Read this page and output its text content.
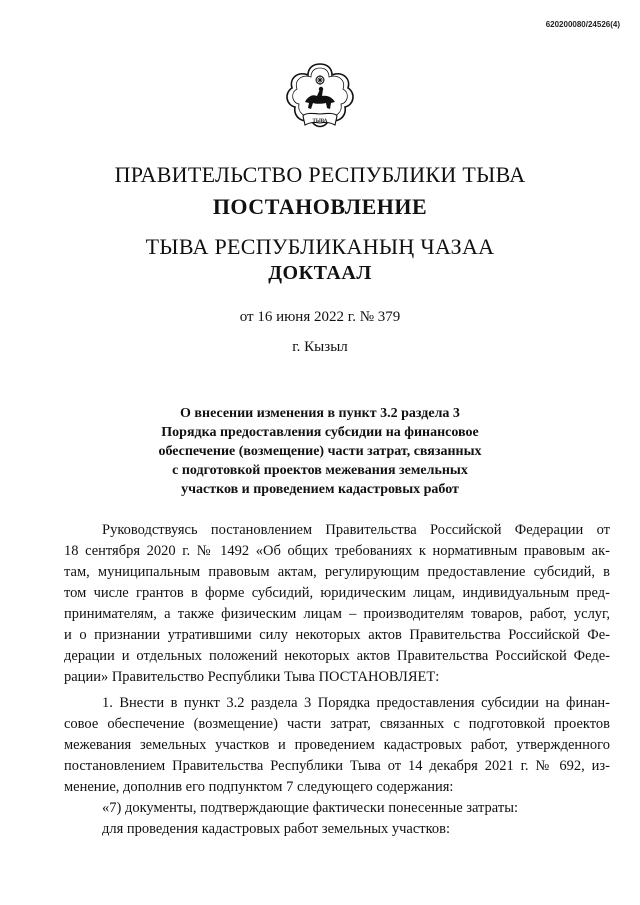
620200080/24526(4)
ТЫВА
ПРАВИТЕЛЬСТВО РЕСПУБЛИКИ ТЫВА
ПОСТАНОВЛЕНИЕ
ТЫВА РЕСПУБЛИКАНЫҢ ЧАЗАА
ДОКТААЛ
от 16 июня 2022 г. № 379
г. Кызыл
О внесении изменения в пункт 3.2 раздела 3
Порядка предоставления субсидии на финансовое
обеспечение (возмещение) части затрат, связанных
с подготовкой проектов межевания земельных
участков и проведением кадастровых работ
Руководствуясь постановлением Правительства Российской Федерации от
18 сентября 2020 г. № 1492 «Об общих требованиях к нормативным правовым ак-
там, муниципальным правовым актам, регулирующим предоставление субсидий, в
том числе грантов в форме субсидий, юридическим лицам, индивидуальным пред-
принимателям, а также физическим лицам – производителям товаров, работ, услуг,
и о признании утратившими силу некоторых актов Правительства Российской Фе-
дерации и отдельных положений некоторых актов Правительства Российской Феде-
рации» Правительство Республики Тыва ПОСТАНОВЛЯЕТ:
1. Внести в пункт 3.2 раздела 3 Порядка предоставления субсидии на финан-
совое обеспечение (возмещение) части затрат, связанных с подготовкой проектов
межевания земельных участков и проведением кадастровых работ, утвержденного
постановлением Правительства Республики Тыва от 14 декабря 2021 г. № 692, из-
менение, дополнив его подпунктом 7 следующего содержания:
«7) документы, подтверждающие фактически понесенные затраты:
для проведения кадастровых работ земельных участков:
